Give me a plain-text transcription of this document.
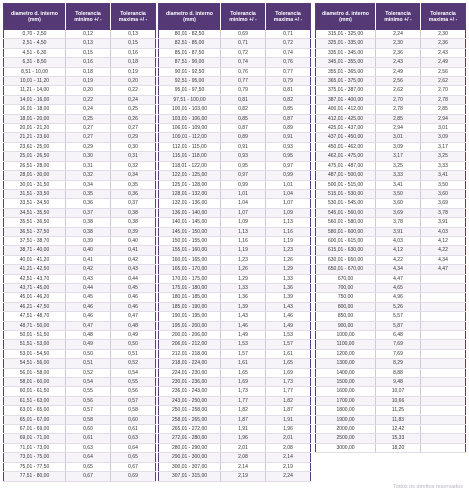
diametro d. interno (mm)	Tolerancia minimo +/ -	Tolerancia maxima +/ -
0,70 - 2,50	0,12	0,13
2,51 - 4,50	0,13	0,15
4,51 - 6,30	0,15	0,16
6,31 - 8,50	0,16	0,18
8,51 - 10,00	0,18	0,19
10,01 - 11,20	0,19	0,20
11,21 - 14,00	0,20	0,22
14,01 - 16,00	0,22	0,24
16,01 - 18,00	0,24	0,25
18,01 - 20,00	0,25	0,26
20,01 - 21,20	0,27	0,27
21,21 - 23,60	0,27	0,29
23,61 - 25,00	0,29	0,30
25,01 - 26,50	0,30	0,31
26,51 - 28,00	0,31	0,32
28,01 - 30,00	0,32	0,34
30,01 - 31,50	0,34	0,35
31,51 - 33,50	0,35	0,36
33,51 - 34,50	0,36	0,37
34,51 - 35,50	0,37	0,38
35,51 - 36,50	0,38	0,38
36,51 - 37,50	0,38	0,39
37,51 - 38,70	0,39	0,40
38,71 - 40,00	0,40	0,41
40,01 - 41,20	0,41	0,42
41,21 - 42,50	0,42	0,43
42,51 - 43,70	0,43	0,44
43,71 - 45,00	0,44	0,45
45,01 - 46,20	0,45	0,46
46,21 - 47,50	0,46	0,46
47,51 - 48,70	0,46	0,47
48,71 - 50,00	0,47	0,48
50,01 - 51,50	0,48	0,49
51,51 - 53,00	0,49	0,50
53,01 - 54,50	0,50	0,51
54,51 - 56,00	0,51	0,52
56,01 - 58,00	0,52	0,54
58,01 - 60,00	0,54	0,55
60,01 - 61,50	0,55	0,56
61,51 - 63,00	0,56	0,57
63,01 - 65,00	0,57	0,58
65,01 - 67,00	0,58	0,60
67,01 - 69,00	0,60	0,61
69,01 - 71,00	0,61	0,63
71,01 - 73,00	0,63	0,64
73,01 - 75,00	0,64	0,65
75,01 - 77,50	0,65	0,67
77,51 - 80,00	0,67	0,69
diametro d. interno (mm)	Tolerancia minimo +/ -	Tolerancia maxima +/ -
80,01 - 82,50	0,69	0,71
82,51 - 85,00	0,71	0,72
85,01 - 87,50	0,72	0,74
87,51 - 90,00	0,74	0,76
90,01 - 92,50	0,76	0,77
92,51 - 95,00	0,77	0,79
95,01 - 97,50	0,79	0,81
97,51 - 100,00	0,81	0,82
100,01 - 103,00	0,82	0,85
103,01 - 106,00	0,85	0,87
106,01 - 109,00	0,87	0,89
109,01 - 112,00	0,89	0,91
112,01 - 115,00	0,91	0,93
115,01 - 118,00	0,93	0,95
118,01 - 122,00	0,95	0,97
122,01 - 125,00	0,97	0,99
125,01 - 128,00	0,99	1,01
128,01 - 132,00	1,01	1,04
132,01 - 136,00	1,04	1,07
136,01 - 140,00	1,07	1,09
140,01 - 145,00	1,09	1,13
145,01 - 150,00	1,13	1,16
150,01 - 155,00	1,16	1,19
155,01 - 160,00	1,19	1,23
160,01 - 165,00	1,23	1,26
165,01 - 170,00	1,26	1,29
170,01 - 175,00	1,29	1,33
175,01 - 180,00	1,33	1,36
180,01 - 185,00	1,36	1,39
185,01 - 190,00	1,39	1,43
190,01 - 195,00	1,43	1,46
195,01 - 200,00	1,46	1,49
200,01 - 206,00	1,49	1,53
206,01 - 212,00	1,53	1,57
212,01 - 218,00	1,57	1,61
218,01 - 224,00	1,61	1,65
224,01 - 230,00	1,65	1,69
230,01 - 236,00	1,69	1,73
236,01 - 243,00	1,73	1,77
243,01 - 250,00	1,77	1,82
250,01 - 258,00	1,82	1,87
258,01 - 265,00	1,87	1,91
265,01 - 272,00	1,91	1,96
272,01 - 280,00	1,96	2,01
280,01 - 290,00	2,01	2,08
290,01 - 300,00	2,08	2,14
300,01 - 307,00	2,14	2,19
307,01 - 315,00	2,19	2,24
diametro d. interno (mm)	Tolerancia minimo +/ -	Tolerancia maxima +/ -
315,01 - 325,00	2,24	2,30
325,01 - 335,00	2,30	2,36
335,01 - 345,00	2,36	2,43
345,01 - 355,00	2,43	2,49
355,01 - 365,00	2,49	2,56
365,01 - 375,00	2,56	2,62
375,01 - 387,00	2,62	2,70
387,01 - 400,00	2,70	2,78
400,01 - 412,00	2,78	2,85
412,01 - 425,00	2,85	2,94
425,01 - 437,00	2,94	3,01
437,01 - 450,00	3,01	3,09
450,01 - 462,00	3,09	3,17
462,01 - 475,00	3,17	3,25
475,01 - 487,00	3,25	3,33
487,01 - 500,00	3,33	3,41
500,01 - 515,00	3,41	3,50
515,01 - 530,00	3,50	3,60
530,01 - 545,00	3,60	3,69
545,01 - 560,00	3,69	3,78
560,01 - 580,00	3,78	3,91
580,01 - 600,00	3,91	4,03
600,01 - 615,00	4,03	4,12
615,01 - 630,00	4,12	4,22
630,01 - 650,00	4,22	4,34
650,01 - 670,00	4,34	4,47
670,00	4,47	
700,00	4,65	
750,00	4,96	
800,00	5,26	
850,00	5,57	
900,00	5,87	
1000,00	6,48	
1100,00	7,69	
1200,00	7,69	
1300,00	8,29	
1400,00	8,88	
1500,00	9,48	
1600,00	10,07	
1700,00	10,66	
1800,00	11,25	
1900,00	11,83	
2000,00	12,42	
2500,00	15,33	
3000,00	18,20	
Todos os direitos reservados
